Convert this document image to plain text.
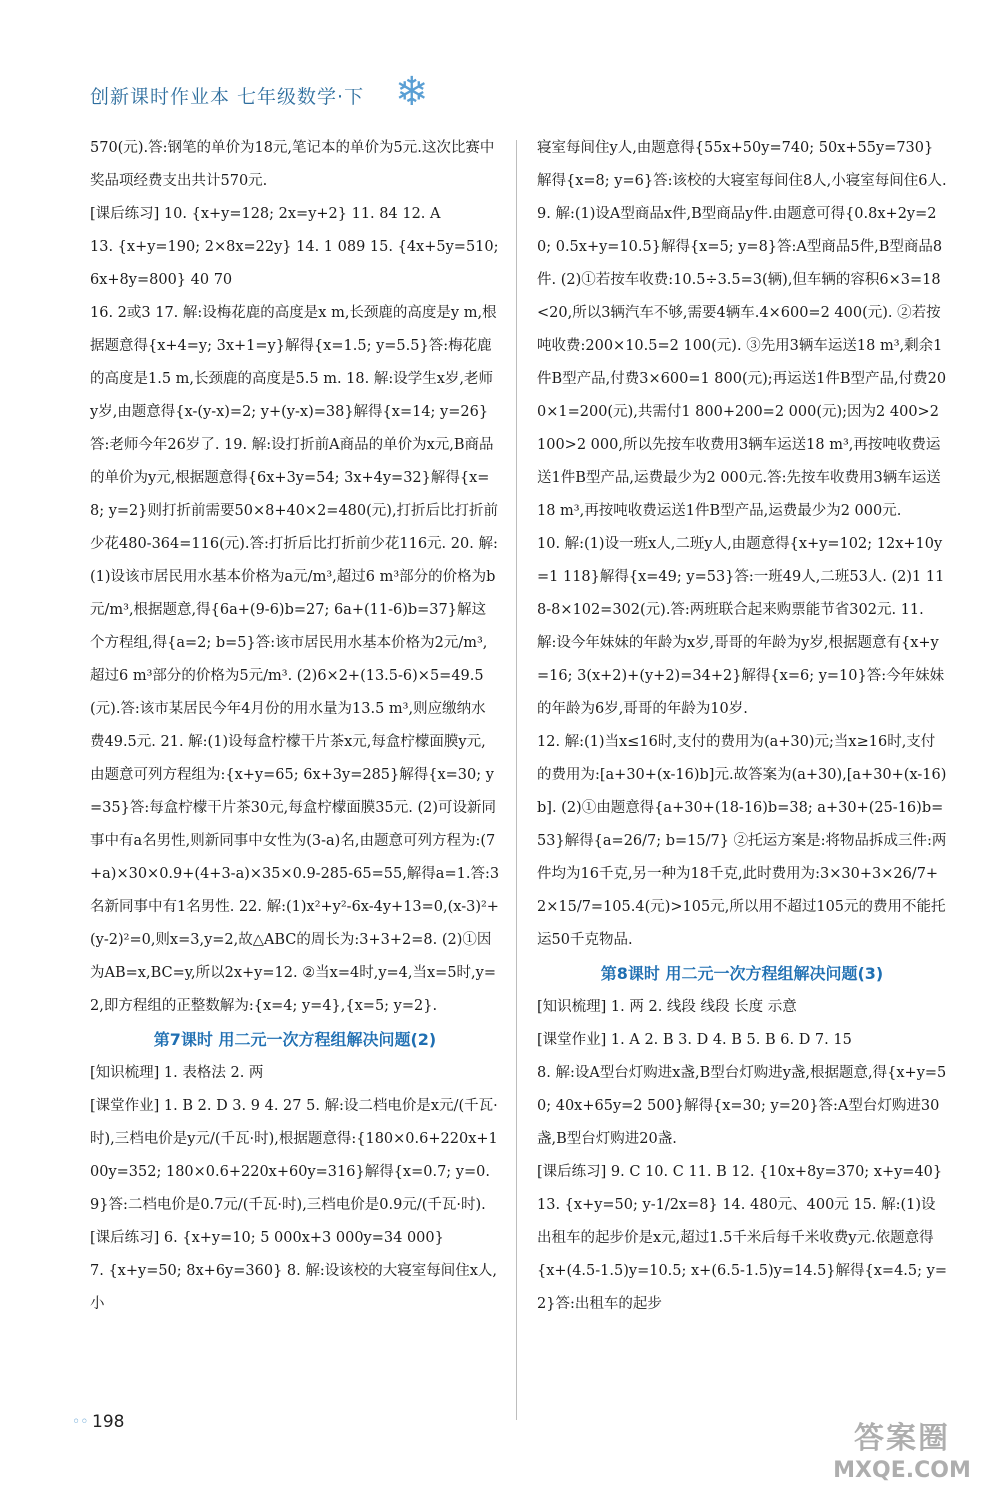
创新课时作业本 七年级数学·下 ❄

570(元).答:钢笔的单价为18元,笔记本的单价为5元.这次比赛中奖品项经费支出共计570元.

[课后练习] 10. {x+y=128; 2x=y+2} 11. 84 12. A

13. {x+y=190; 2×8x=22y} 14. 1 089 15. {4x+5y=510; 6x+8y=800} 40 70

16. 2或3 17. 解:设梅花鹿的高度是x m,长颈鹿的高度是y m,根据题意得{x+4=y; 3x+1=y}解得{x=1.5; y=5.5}答:梅花鹿的高度是1.5 m,长颈鹿的高度是5.5 m. 18. 解:设学生x岁,老师y岁,由题意得{x-(y-x)=2; y+(y-x)=38}解得{x=14; y=26}答:老师今年26岁了. 19. 解:设打折前A商品的单价为x元,B商品的单价为y元,根据题意得{6x+3y=54; 3x+4y=32}解得{x=8; y=2}则打折前需要50×8+40×2=480(元),打折后比打折前少花480-364=116(元).答:打折后比打折前少花116元. 20. 解:(1)设该市居民用水基本价格为a元/m³,超过6 m³部分的价格为b元/m³,根据题意,得{6a+(9-6)b=27; 6a+(11-6)b=37}解这个方程组,得{a=2; b=5}答:该市居民用水基本价格为2元/m³,超过6 m³部分的价格为5元/m³. (2)6×2+(13.5-6)×5=49.5(元).答:该市某居民今年4月份的用水量为13.5 m³,则应缴纳水费49.5元. 21. 解:(1)设每盒柠檬干片茶x元,每盒柠檬面膜y元,由题意可列方程组为:{x+y=65; 6x+3y=285}解得{x=30; y=35}答:每盒柠檬干片茶30元,每盒柠檬面膜35元. (2)可设新同事中有a名男性,则新同事中女性为(3-a)名,由题意可列方程为:(7+a)×30×0.9+(4+3-a)×35×0.9-285-65=55,解得a=1.答:3名新同事中有1名男性. 22. 解:(1)x²+y²-6x-4y+13=0,(x-3)²+(y-2)²=0,则x=3,y=2,故△ABC的周长为:3+3+2=8. (2)①因为AB=x,BC=y,所以2x+y=12. ②当x=4时,y=4,当x=5时,y=2,即方程组的正整数解为:{x=4; y=4},{x=5; y=2}.

第7课时 用二元一次方程组解决问题(2)

[知识梳理] 1. 表格法 2. 两

[课堂作业] 1. B 2. D 3. 9 4. 27 5. 解:设二档电价是x元/(千瓦·时),三档电价是y元/(千瓦·时),根据题意得:{180×0.6+220x+100y=352; 180×0.6+220x+60y=316}解得{x=0.7; y=0.9}答:二档电价是0.7元/(千瓦·时),三档电价是0.9元/(千瓦·时).

[课后练习] 6. {x+y=10; 5 000x+3 000y=34 000}

7. {x+y=50; 8x+6y=360} 8. 解:设该校的大寝室每间住x人,小

寝室每间住y人,由题意得{55x+50y=740; 50x+55y=730}解得{x=8; y=6}答:该校的大寝室每间住8人,小寝室每间住6人.

9. 解:(1)设A型商品x件,B型商品y件.由题意可得{0.8x+2y=20; 0.5x+y=10.5}解得{x=5; y=8}答:A型商品5件,B型商品8件. (2)①若按车收费:10.5÷3.5=3(辆),但车辆的容积6×3=18<20,所以3辆汽车不够,需要4辆车.4×600=2 400(元). ②若按吨收费:200×10.5=2 100(元). ③先用3辆车运送18 m³,剩余1件B型产品,付费3×600=1 800(元);再运送1件B型产品,付费200×1=200(元),共需付1 800+200=2 000(元);因为2 400>2 100>2 000,所以先按车收费用3辆车运送18 m³,再按吨收费运送1件B型产品,运费最少为2 000元.答:先按车收费用3辆车运送18 m³,再按吨收费运送1件B型产品,运费最少为2 000元.

10. 解:(1)设一班x人,二班y人,由题意得{x+y=102; 12x+10y=1 118}解得{x=49; y=53}答:一班49人,二班53人. (2)1 118-8×102=302(元).答:两班联合起来购票能节省302元. 11. 解:设今年妹妹的年龄为x岁,哥哥的年龄为y岁,根据题意有{x+y=16; 3(x+2)+(y+2)=34+2}解得{x=6; y=10}答:今年妹妹的年龄为6岁,哥哥的年龄为10岁.

12. 解:(1)当x≤16时,支付的费用为(a+30)元;当x≥16时,支付的费用为:[a+30+(x-16)b]元.故答案为(a+30),[a+30+(x-16)b]. (2)①由题意得{a+30+(18-16)b=38; a+30+(25-16)b=53}解得{a=26/7; b=15/7} ②托运方案是:将物品拆成三件:两件均为16千克,另一种为18千克,此时费用为:3×30+3×26/7+2×15/7=105.4(元)>105元,所以用不超过105元的费用不能托运50千克物品.

第8课时 用二元一次方程组解决问题(3)

[知识梳理] 1. 两 2. 线段 线段 长度 示意

[课堂作业] 1. A 2. B 3. D 4. B 5. B 6. D 7. 15

8. 解:设A型台灯购进x盏,B型台灯购进y盏,根据题意,得{x+y=50; 40x+65y=2 500}解得{x=30; y=20}答:A型台灯购进30盏,B型台灯购进20盏.

[课后练习] 9. C 10. C 11. B 12. {10x+8y=370; x+y=40}

13. {x+y=50; y-1/2x=8} 14. 480元、400元 15. 解:(1)设出租车的起步价是x元,超过1.5千米后每千米收费y元.依题意得{x+(4.5-1.5)y=10.5; x+(6.5-1.5)y=14.5}解得{x=4.5; y=2}答:出租车的起步

◦◦ 198	答案圈
MXQE.COM
